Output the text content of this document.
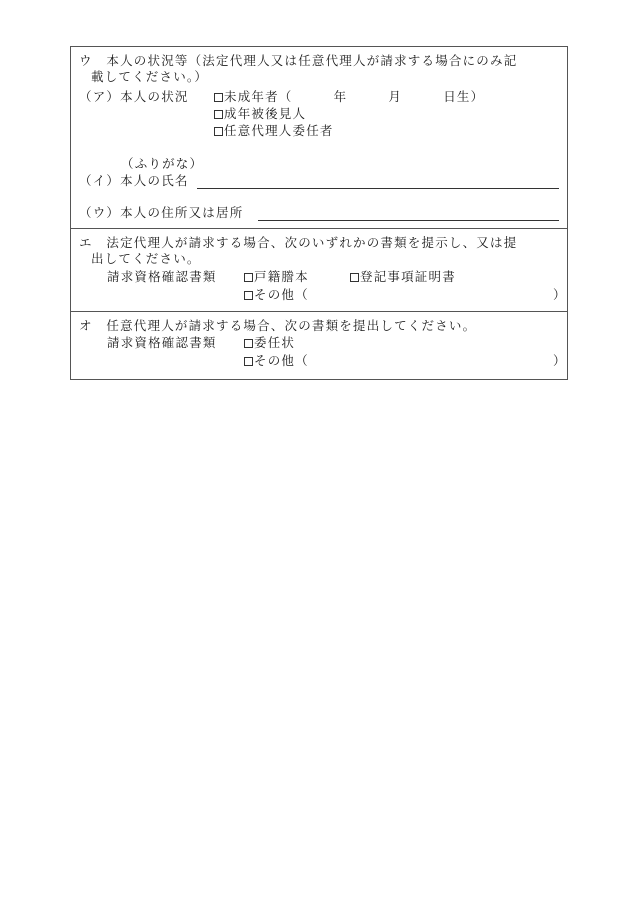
ウ　本人の状況等（法定代理人又は任意代理人が請求する場合にのみ記
載してください。）
（ア）本人の状況	未成年者（　　　年　　　月　　　日生）
成年被後見人
任意代理人委任者
（ふりがな）
（イ）本人の氏名
（ウ）本人の住所又は居所
エ　法定代理人が請求する場合、次のいずれかの書類を提示し、又は提
出してください。
請求資格確認書類	戸籍謄本	登記事項証明書
その他（	）
オ　任意代理人が請求する場合、次の書類を提出してください。
請求資格確認書類	委任状
その他（	）
